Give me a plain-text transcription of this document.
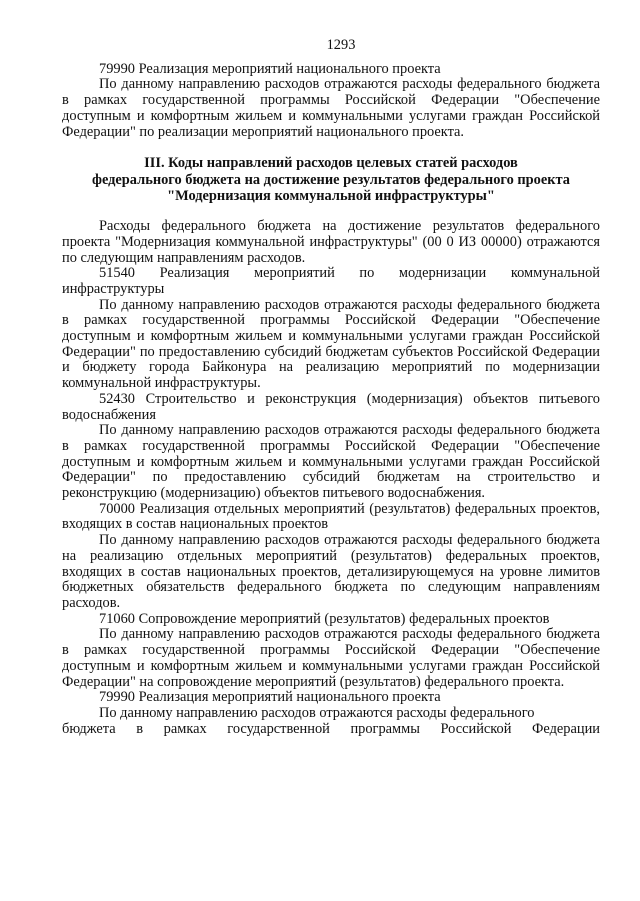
1293

79990 Реализация мероприятий национального проекта

По данному направлению расходов отражаются расходы федерального бюджета в рамках государственной программы Российской Федерации "Обеспечение доступным и комфортным жильем и коммунальными услугами граждан Российской Федерации" по реализации мероприятий национального проекта.

III. Коды направлений расходов целевых статей расходов
федерального бюджета на достижение результатов федерального проекта
"Модернизация коммунальной инфраструктуры"

Расходы федерального бюджета на достижение результатов федерального проекта "Модернизация коммунальной инфраструктуры" (00 0 ИЗ 00000) отражаются по следующим направлениям расходов.

51540 Реализация мероприятий по модернизации коммунальной инфраструктуры

По данному направлению расходов отражаются расходы федерального бюджета в рамках государственной программы Российской Федерации "Обеспечение доступным и комфортным жильем и коммунальными услугами граждан Российской Федерации" по предоставлению субсидий бюджетам субъектов Российской Федерации и бюджету города Байконура на реализацию мероприятий по модернизации коммунальной инфраструктуры.

52430 Строительство и реконструкция (модернизация) объектов питьевого водоснабжения

По данному направлению расходов отражаются расходы федерального бюджета в рамках государственной программы Российской Федерации "Обеспечение доступным и комфортным жильем и коммунальными услугами граждан Российской Федерации" по предоставлению субсидий бюджетам на строительство и реконструкцию (модернизацию) объектов питьевого водоснабжения.

70000 Реализация отдельных мероприятий (результатов) федеральных проектов, входящих в состав национальных проектов

По данному направлению расходов отражаются расходы федерального бюджета на реализацию отдельных мероприятий (результатов) федеральных проектов, входящих в состав национальных проектов, детализирующемуся на уровне лимитов бюджетных обязательств федерального бюджета по следующим направлениям расходов.

71060 Сопровождение мероприятий (результатов) федеральных проектов

По данному направлению расходов отражаются расходы федерального бюджета в рамках государственной программы Российской Федерации "Обеспечение доступным и комфортным жильем и коммунальными услугами граждан Российской Федерации" на сопровождение мероприятий (результатов) федерального проекта.

79990 Реализация мероприятий национального проекта

По данному направлению расходов отражаются расходы федерального

бюджета в рамках государственной программы Российской Федерации
